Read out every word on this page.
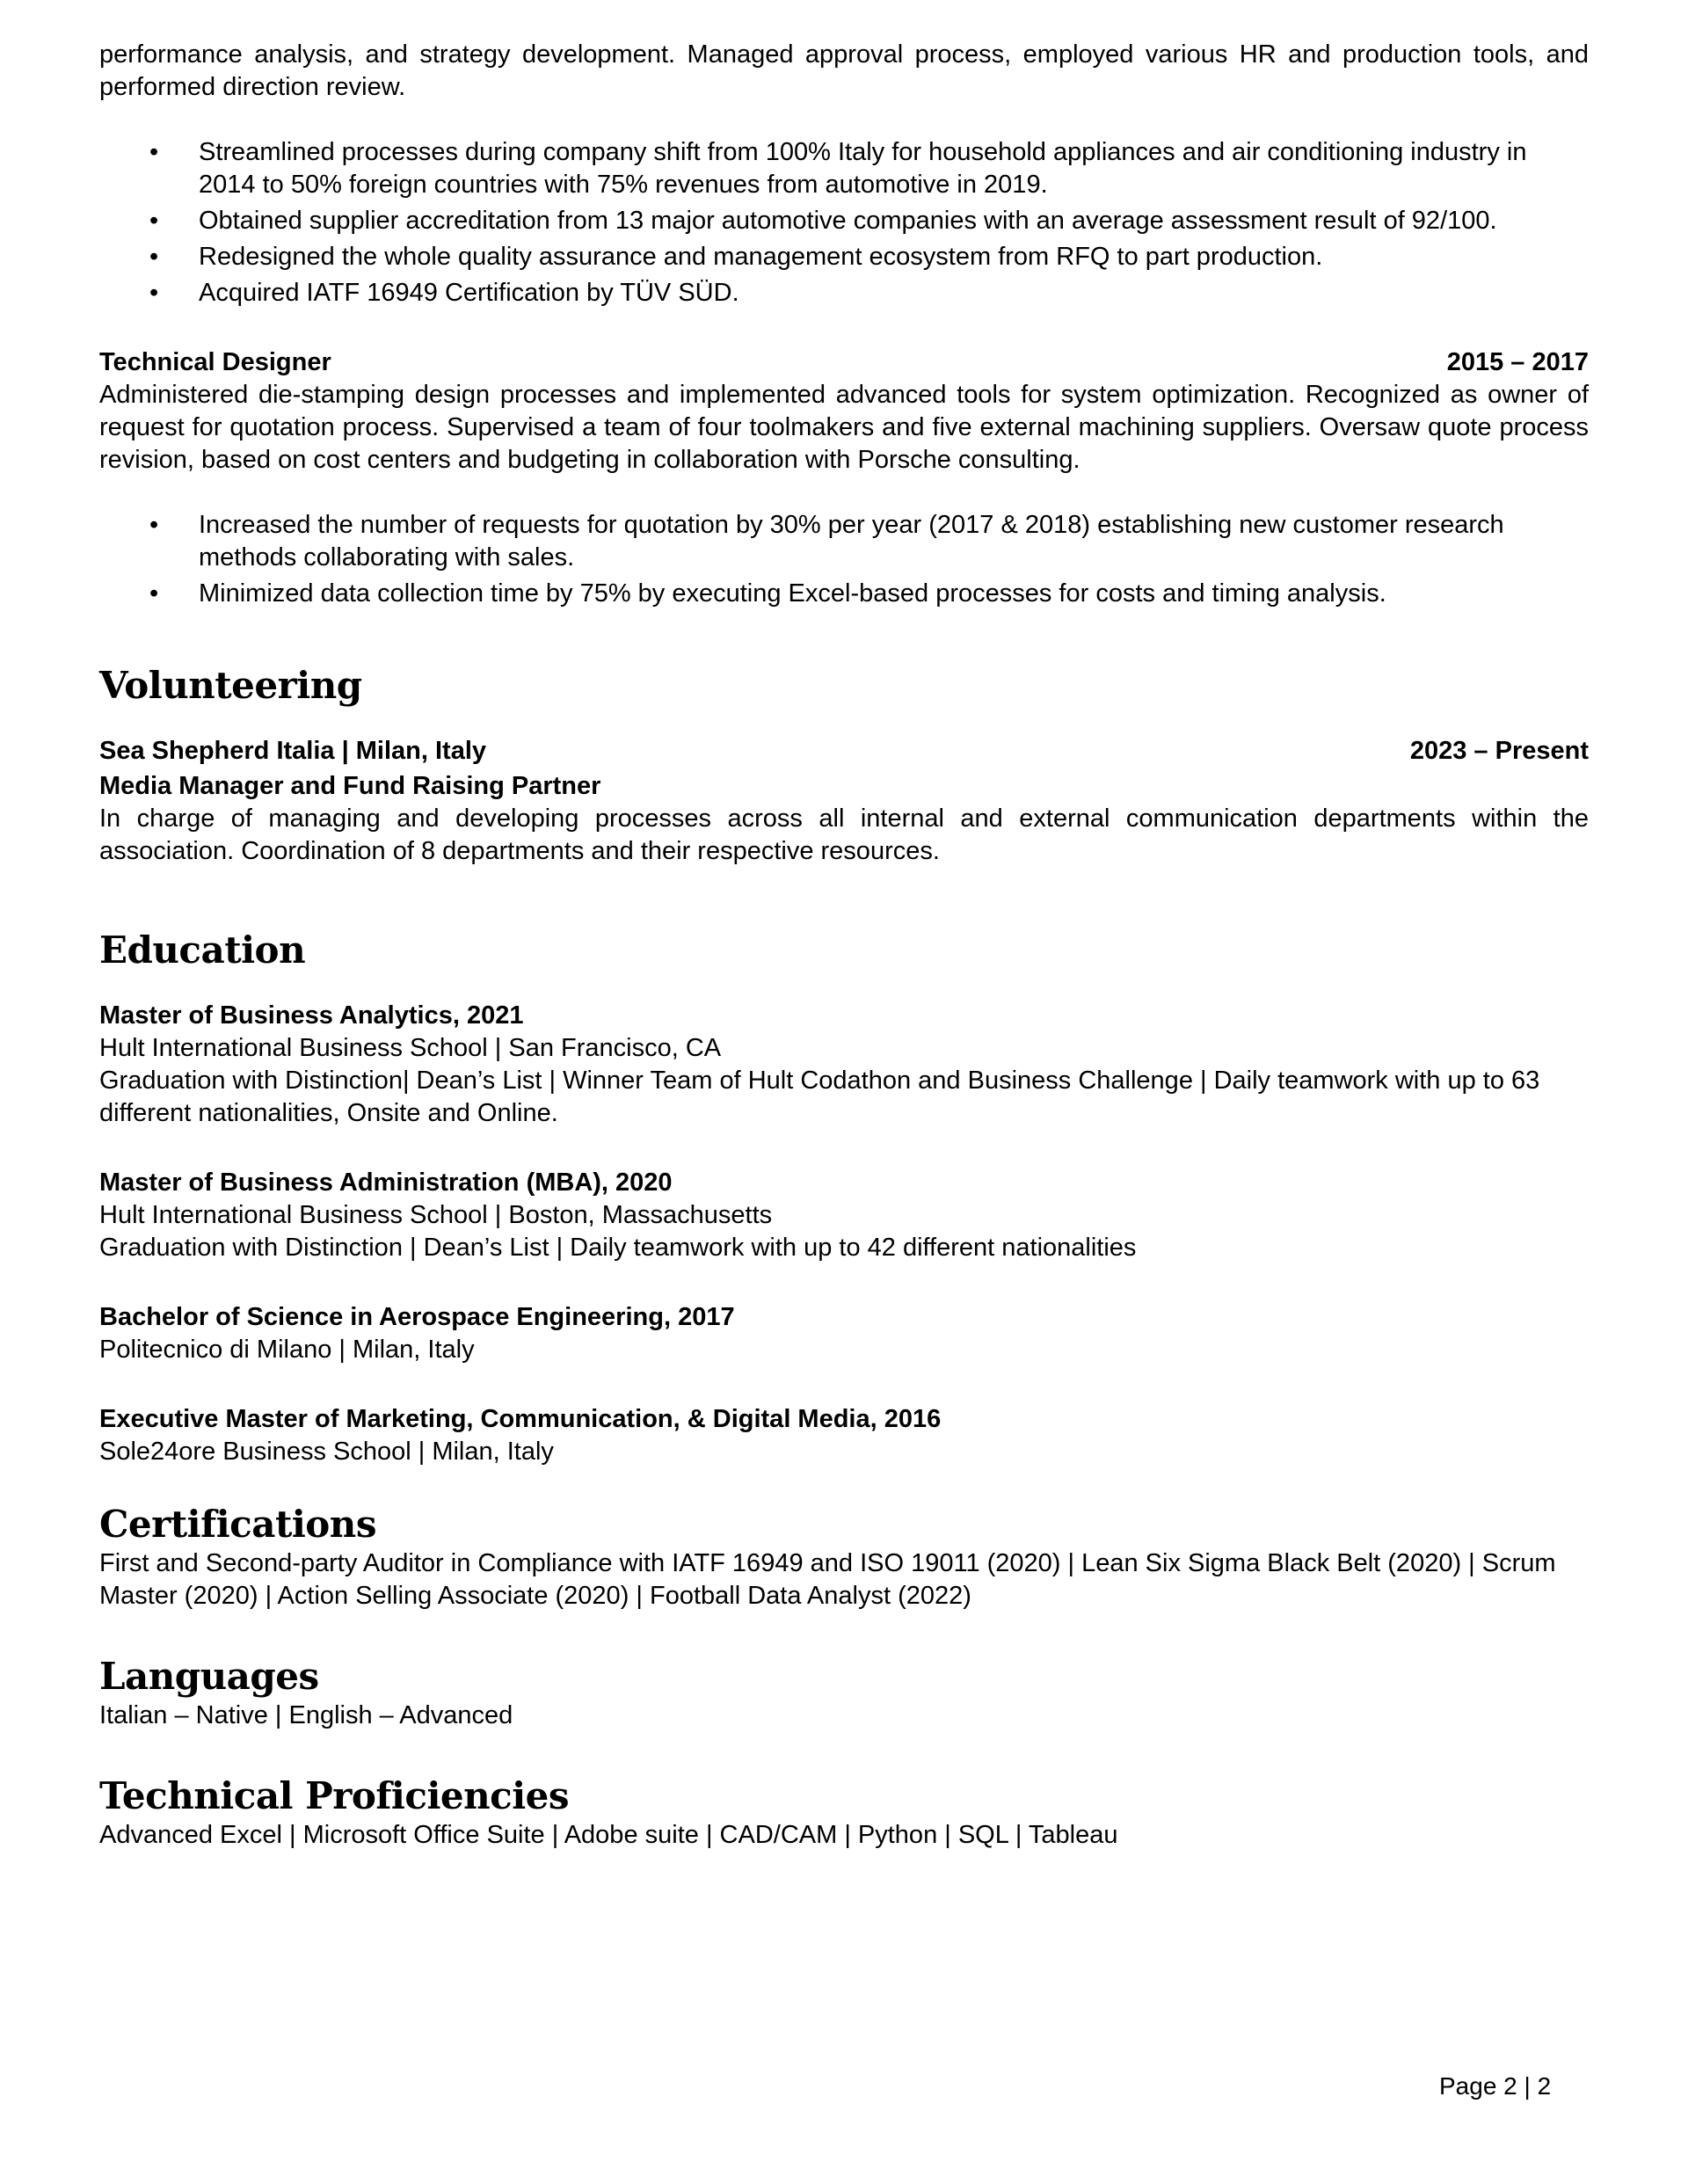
performance analysis, and strategy development. Managed approval process, employed various HR and production tools, and performed direction review.

• Streamlined processes during company shift from 100% Italy for household appliances and air conditioning industry in 2014 to 50% foreign countries with 75% revenues from automotive in 2019.
• Obtained supplier accreditation from 13 major automotive companies with an average assessment result of 92/100.
• Redesigned the whole quality assurance and management ecosystem from RFQ to part production.
• Acquired IATF 16949 Certification by TÜV SÜD.
Technical Designer	2015 – 2017

Administered die-stamping design processes and implemented advanced tools for system optimization. Recognized as owner of request for quotation process. Supervised a team of four toolmakers and five external machining suppliers. Oversaw quote process revision, based on cost centers and budgeting in collaboration with Porsche consulting.

• Increased the number of requests for quotation by 30% per year (2017 & 2018) establishing new customer research methods collaborating with sales.
• Minimized data collection time by 75% by executing Excel-based processes for costs and timing analysis.
Volunteering
Sea Shepherd Italia | Milan, Italy	2023 – Present

Media Manager and Fund Raising Partner

In charge of managing and developing processes across all internal and external communication departments within the association. Coordination of 8 departments and their respective resources.

Education

Master of Business Analytics, 2021

Hult International Business School | San Francisco, CA

Graduation with Distinction| Dean’s List | Winner Team of Hult Codathon and Business Challenge | Daily teamwork with up to 63 different nationalities, Onsite and Online.

Master of Business Administration (MBA), 2020

Hult International Business School | Boston, Massachusetts

Graduation with Distinction | Dean’s List | Daily teamwork with up to 42 different nationalities

Bachelor of Science in Aerospace Engineering, 2017

Politecnico di Milano | Milan, Italy

Executive Master of Marketing, Communication, & Digital Media, 2016

Sole24ore Business School | Milan, Italy

Certifications

First and Second-party Auditor in Compliance with IATF 16949 and ISO 19011 (2020) | Lean Six Sigma Black Belt (2020) | Scrum Master (2020) | Action Selling Associate (2020) | Football Data Analyst (2022)

Languages

Italian – Native | English – Advanced

Technical Proficiencies

Advanced Excel | Microsoft Office Suite | Adobe suite | CAD/CAM | Python | SQL | Tableau

Page 2 | 2
